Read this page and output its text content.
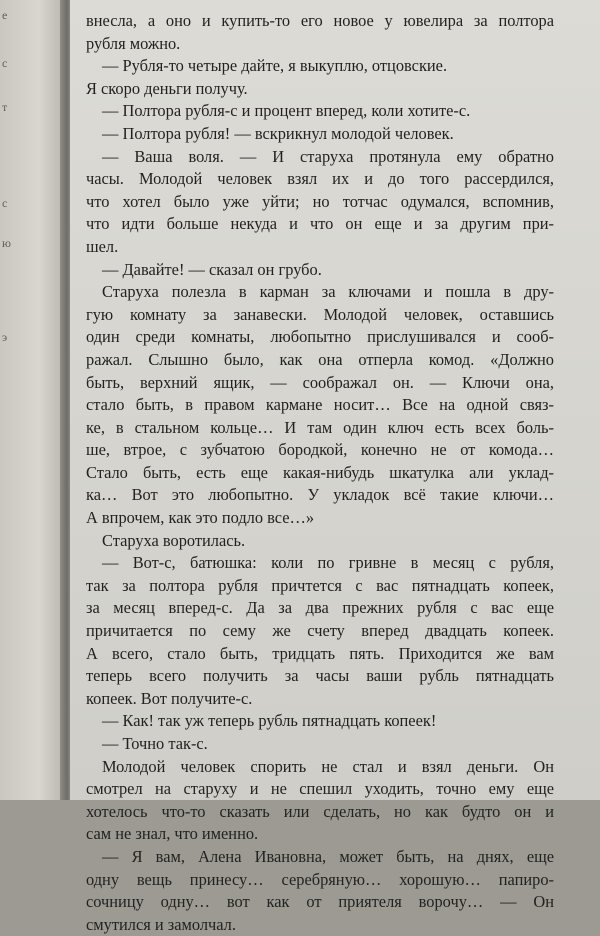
е
с
т
с
ю
э
внесла, а оно и купить-то его новое у ювелира за полтора
рубля можно.
— Рубля-то четыре дайте, я выкуплю, отцовские.
Я скоро деньги получу.
— Полтора рубля-с и процент вперед, коли хотите-с.
— Полтора рубля! — вскрикнул молодой человек.
— Ваша воля. — И старуха протянула ему обратно
часы. Молодой человек взял их и до того рассердился,
что хотел было уже уйти; но тотчас одумался, вспомнив,
что идти больше некуда и что он еще и за другим при-
шел.
— Давайте! — сказал он грубо.
Старуха полезла в карман за ключами и пошла в дру-
гую комнату за занавески. Молодой человек, оставшись
один среди комнаты, любопытно прислушивался и сооб-
ражал. Слышно было, как она отперла комод. «Должно
быть, верхний ящик, — соображал он. — Ключи она,
стало быть, в правом кармане носит… Все на одной связ-
ке, в стальном кольце… И там один ключ есть всех боль-
ше, втрое, с зубчатою бородкой, конечно не от комода…
Стало быть, есть еще какая-нибудь шкатулка али уклад-
ка… Вот это любопытно. У укладок всё такие ключи…
А впрочем, как это подло все…»
Старуха воротилась.
— Вот-с, батюшка: коли по гривне в месяц с рубля,
так за полтора рубля причтется с вас пятнадцать копеек,
за месяц вперед-с. Да за два прежних рубля с вас еще
причитается по сему же счету вперед двадцать копеек.
А всего, стало быть, тридцать пять. Приходится же вам
теперь всего получить за часы ваши рубль пятнадцать
копеек. Вот получите-с.
— Как! так уж теперь рубль пятнадцать копеек!
— Точно так-с.
Молодой человек спорить не стал и взял деньги. Он
смотрел на старуху и не спешил уходить, точно ему еще
хотелось что-то сказать или сделать, но как будто он и
сам не знал, что именно.
— Я вам, Алена Ивановна, может быть, на днях, еще
одну вещь принесу… серебряную… хорошую… папиро-
сочницу одну… вот как от приятеля ворочу… — Он
смутился и замолчал.
